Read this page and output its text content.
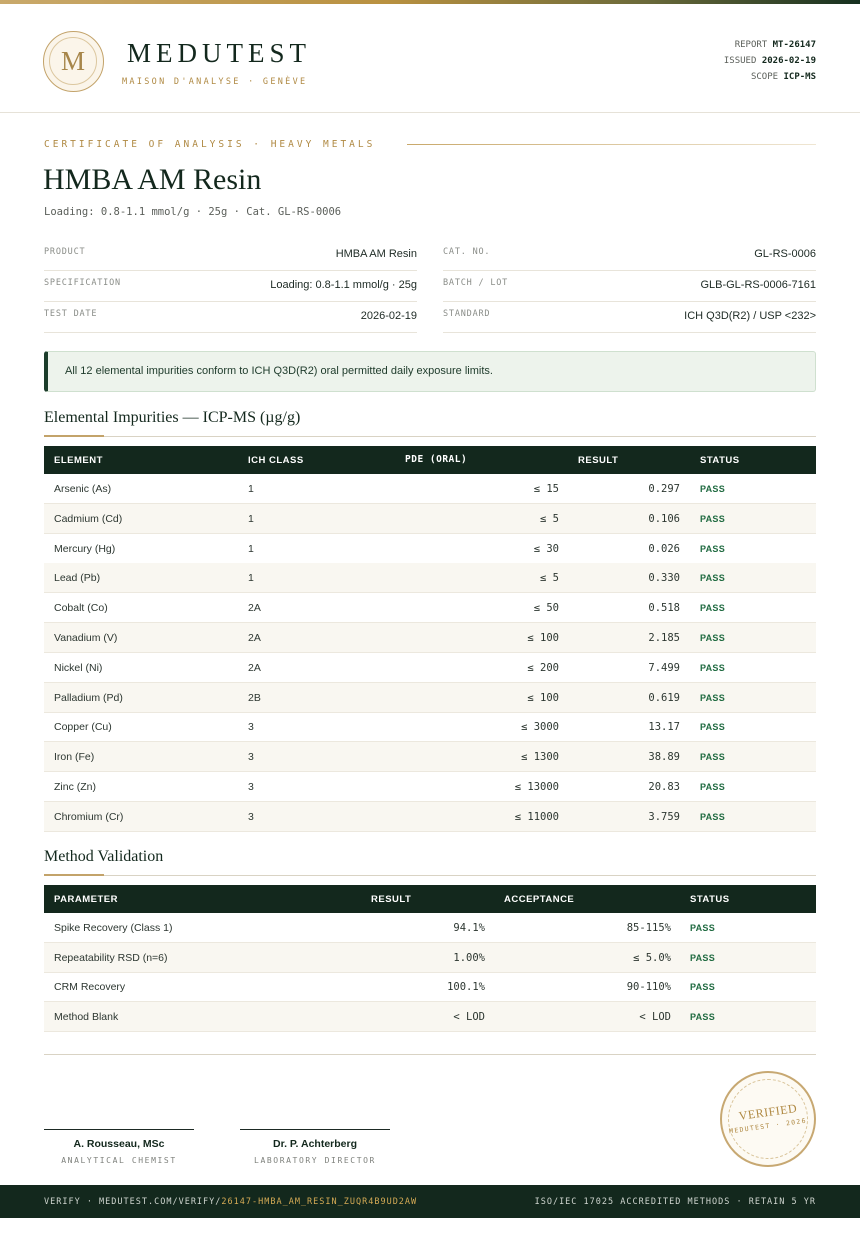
M	MEDUTEST
MAISON D'ANALYSE · GENÈVE
REPORT MT-26147
ISSUED 2026-02-19
SCOPE ICP-MS
CERTIFICATE OF ANALYSIS · HEAVY METALS
HMBA AM Resin
Loading: 0.8-1.1 mmol/g · 25g · Cat. GL-RS-0006
PRODUCT	HMBA AM Resin
SPECIFICATION	Loading: 0.8-1.1 mmol/g · 25g
TEST DATE	2026-02-19
CAT. NO.	GL-RS-0006
BATCH / LOT	GLB-GL-RS-0006-7161
STANDARD	ICH Q3D(R2) / USP <232>
All 12 elemental impurities conform to ICH Q3D(R2) oral permitted daily exposure limits.
Elemental Impurities — ICP-MS (µg/g)
ELEMENT	ICH CLASS	PDE (ORAL)	RESULT	STATUS
Arsenic (As)	1	≤ 15	0.297 PASS
Cadmium (Cd)	1	≤ 5	0.106 PASS
Mercury (Hg)	1	≤ 30	0.026 PASS
Lead (Pb)	1	≤ 5	0.330 PASS
Cobalt (Co)	2A	≤ 50	0.518 PASS
Vanadium (V)	2A	≤ 100	2.185 PASS
Nickel (Ni)	2A	≤ 200	7.499 PASS
Palladium (Pd)	2B	≤ 100	0.619 PASS
Copper (Cu)	3	≤ 3000	13.17 PASS
Iron (Fe)	3	≤ 1300	38.89 PASS
Zinc (Zn)	3	≤ 13000	20.83 PASS
Chromium (Cr)	3	≤ 11000	3.759 PASS
Method Validation
PARAMETER	RESULT	ACCEPTANCE	STATUS
Spike Recovery (Class 1)	94.1%	85-115% PASS
Repeatability RSD (n=6)	1.00%	≤ 5.0% PASS
CRM Recovery	100.1%	90-110% PASS
Method Blank	< LOD	< LOD PASS
A. Rousseau, MSc
ANALYTICAL CHEMIST
Dr. P. Achterberg
LABORATORY DIRECTOR
VERIFIED
MEDUTEST · 2026
VERIFY · MEDUTEST.COM/VERIFY/26147-HMBA_AM_RESIN_ZUQR4B9UD2AW	ISO/IEC 17025 ACCREDITED METHODS · RETAIN 5 YR
